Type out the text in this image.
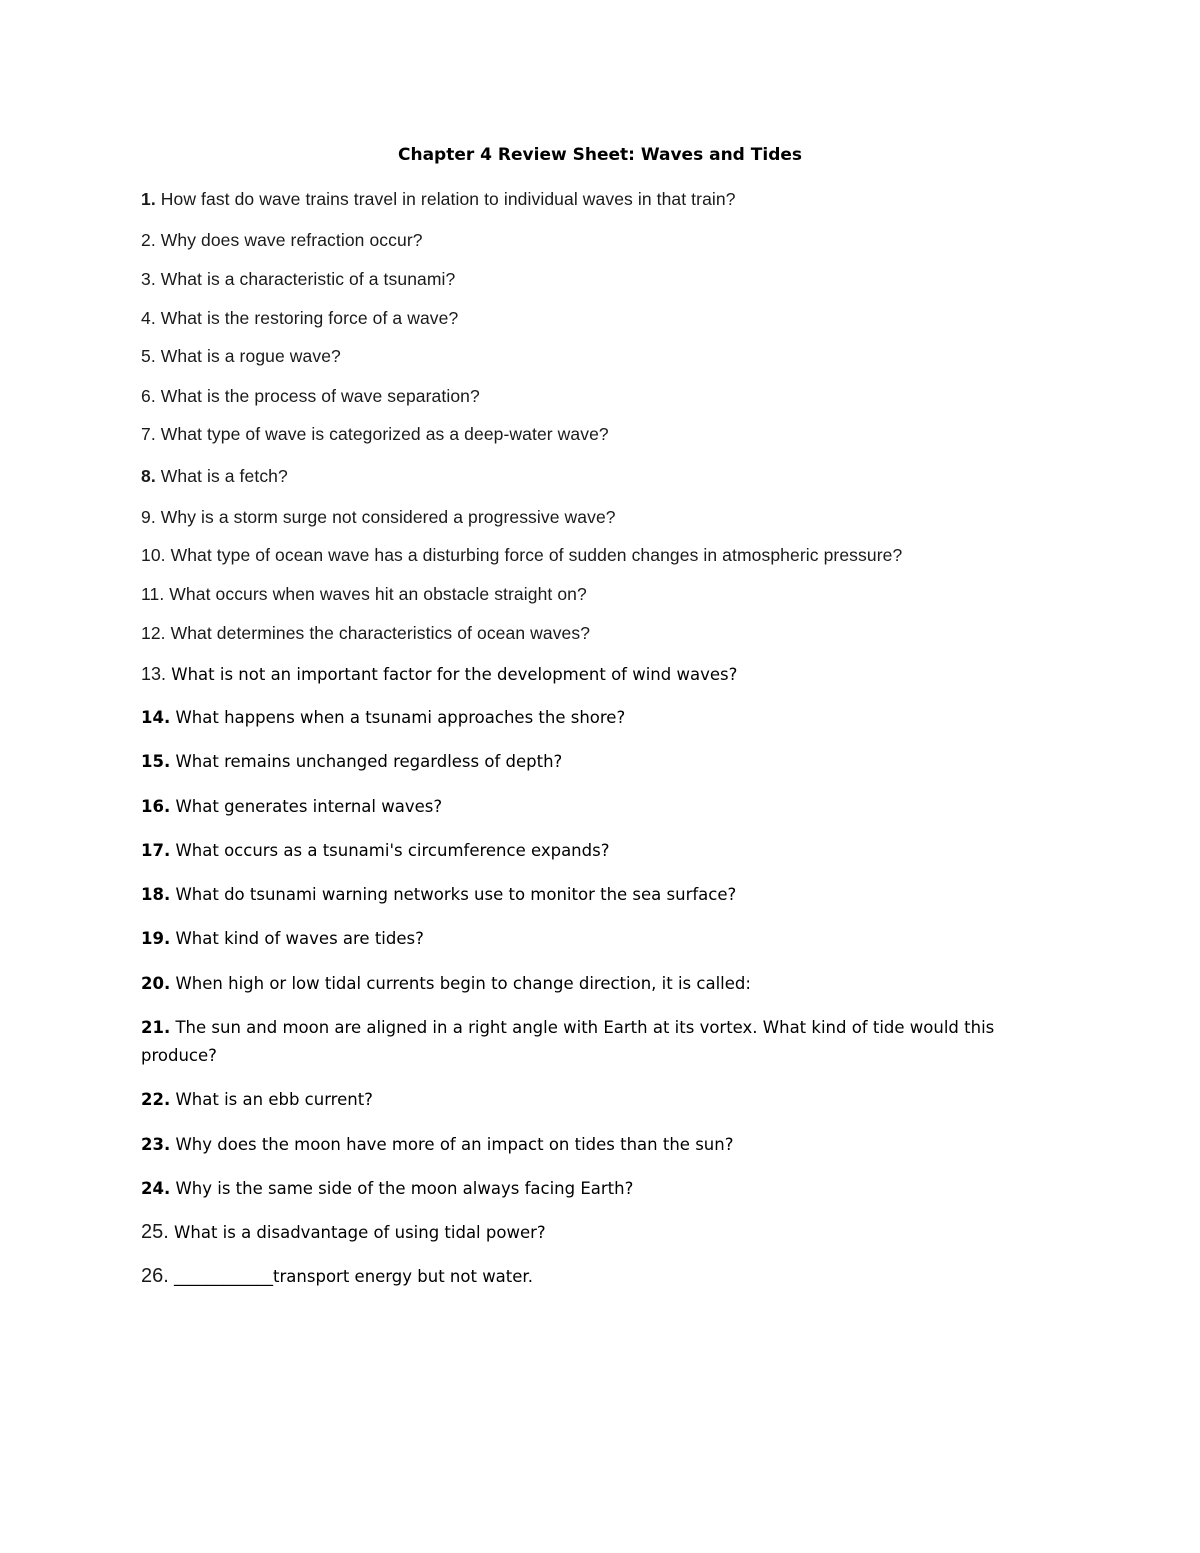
Chapter 4 Review Sheet: Waves and Tides

1. How fast do wave trains travel in relation to individual waves in that train?

2. Why does wave refraction occur?

3. What is a characteristic of a tsunami?

4. What is the restoring force of a wave?

5. What is a rogue wave?

6. What is the process of wave separation?

7. What type of wave is categorized as a deep-water wave?

8. What is a fetch?

9. Why is a storm surge not considered a progressive wave?

10. What type of ocean wave has a disturbing force of sudden changes in atmospheric pressure?

11. What occurs when waves hit an obstacle straight on?

12. What determines the characteristics of ocean waves?

13. What is not an important factor for the development of wind waves?

14. What happens when a tsunami approaches the shore?

15. What remains unchanged regardless of depth?

16. What generates internal waves?

17. What occurs as a tsunami's circumference expands?

18. What do tsunami warning networks use to monitor the sea surface?

19. What kind of waves are tides?

20. When high or low tidal currents begin to change direction, it is called:

21. The sun and moon are aligned in a right angle with Earth at its vortex. What kind of tide would this produce?

22. What is an ebb current?

23. Why does the moon have more of an impact on tides than the sun?

24. Why is the same side of the moon always facing Earth?

25. What is a disadvantage of using tidal power?

26. ____________transport energy but not water.
